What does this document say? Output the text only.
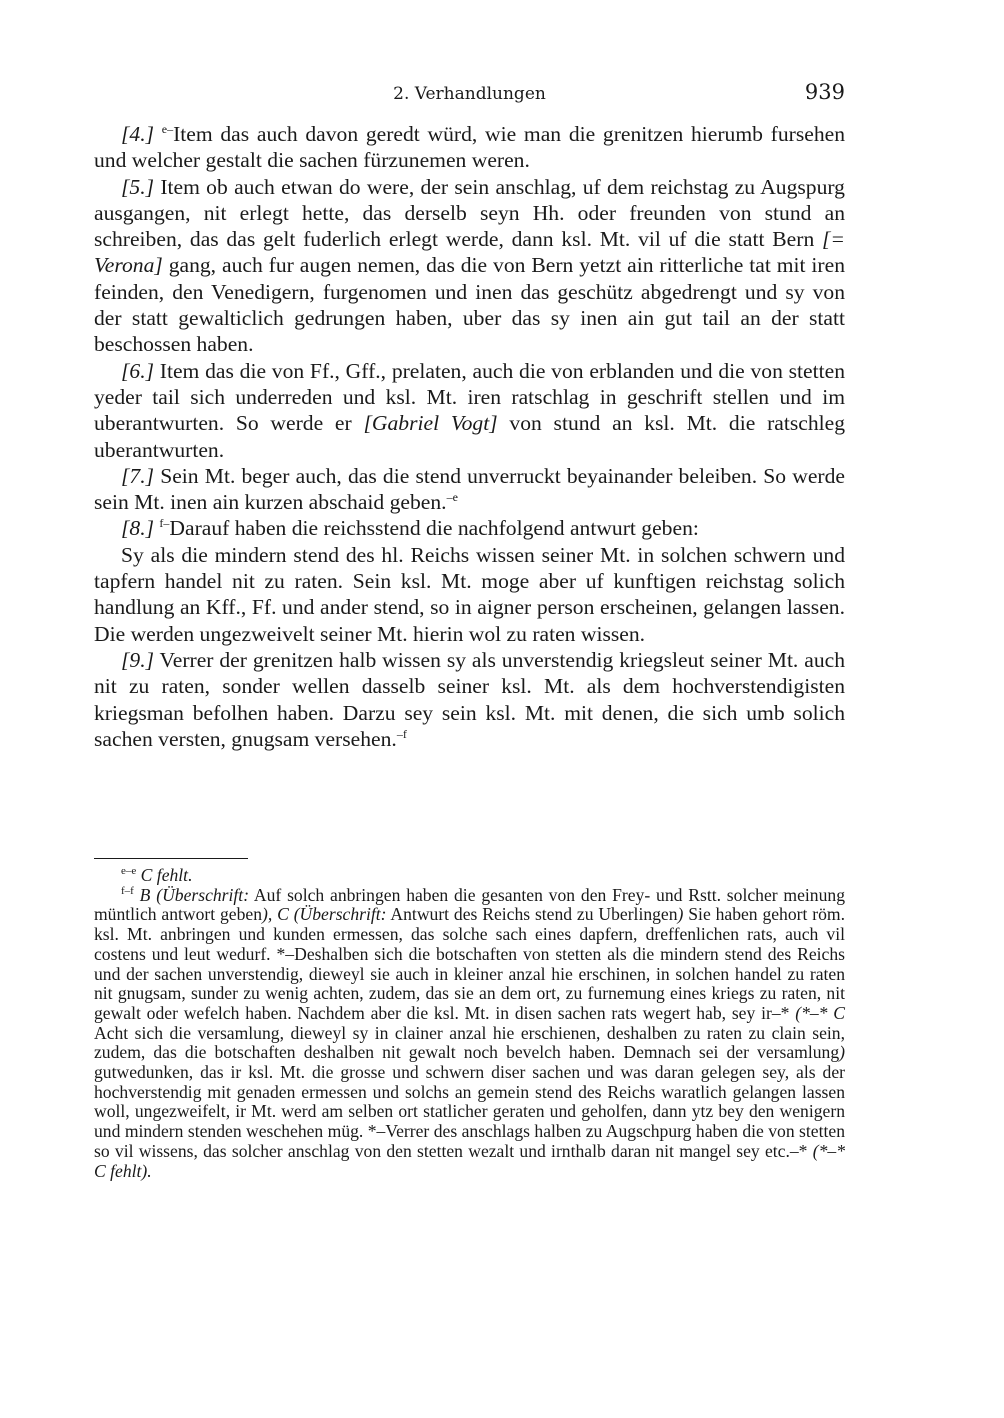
2. Verhandlungen	939

[4.] $^{e-}$Item das auch davon geredt würd, wie man die grenitzen hierumb fursehen und welcher gestalt die sachen fürzunemen weren.

[5.] Item ob auch etwan do were, der sein anschlag, uf dem reichstag zu Augspurg ausgangen, nit erlegt hette, das derselb seyn Hh. oder freunden von stund an schreiben, das das gelt fuderlich erlegt werde, dann ksl. Mt. vil uf die statt Bern [= Verona] gang, auch fur augen nemen, das die von Bern yetzt ain ritterliche tat mit iren feinden, den Venedigern, furgenomen und inen das geschütz abgedrengt und sy von der statt gewalticlich gedrungen haben, uber das sy inen ain gut tail an der statt beschossen haben.

[6.] Item das die von Ff., Gff., prelaten, auch die von erblanden und die von stetten yeder tail sich underreden und ksl. Mt. iren ratschlag in geschrift stellen und im uberantwurten. So werde er [Gabriel Vogt] von stund an ksl. Mt. die ratschleg uberantwurten.

[7.] Sein Mt. beger auch, das die stend unverruckt beyainander beleiben. So werde sein Mt. inen ain kurzen abschaid geben.$^{-e}$

[8.] $^{f-}$Darauf haben die reichsstend die nachfolgend antwurt geben:

Sy als die mindern stend des hl. Reichs wissen seiner Mt. in solchen schwern und tapfern handel nit zu raten. Sein ksl. Mt. moge aber uf kunftigen reichstag solich handlung an Kff., Ff. und ander stend, so in aigner person erscheinen, gelangen lassen. Die werden ungezweivelt seiner Mt. hierin wol zu raten wissen.

[9.] Verrer der grenitzen halb wissen sy als unverstendig kriegsleut seiner Mt. auch nit zu raten, sonder wellen dasselb seiner ksl. Mt. als dem hochverstendigisten kriegsman befolhen haben. Darzu sey sein ksl. Mt. mit denen, die sich umb solich sachen versten, gnugsam versehen.$^{-f}$

$^{e-e}$ C fehlt.

$^{f-f}$ B (Überschrift: Auf solch anbringen haben die gesanten von den Frey- und Rstt. solcher meinung müntlich antwort geben), C (Überschrift: Antwurt des Reichs stend zu Uberlingen) Sie haben gehort röm. ksl. Mt. anbringen und kunden ermessen, das solche sach eines dapfern, dreffenlichen rats, auch vil costens und leut wedurf. *–Deshalben sich die botschaften von stetten als die mindern stend des Reichs und der sachen unverstendig, dieweyl sie auch in kleiner anzal hie erschinen, in solchen handel zu raten nit gnugsam, sunder zu wenig achten, zudem, das sie an dem ort, zu furnemung eines kriegs zu raten, nit gewalt oder wefelch haben. Nachdem aber die ksl. Mt. in disen sachen rats wegert hab, sey ir–* (*–* C Acht sich die versamlung, dieweyl sy in clainer anzal hie erschienen, deshalben zu raten zu clain sein, zudem, das die botschaften deshalben nit gewalt noch bevelch haben. Demnach sei der versamlung) gutwedunken, das ir ksl. Mt. die grosse und schwern diser sachen und was daran gelegen sey, als der hochverstendig mit genaden ermessen und solchs an gemein stend des Reichs waratlich gelangen lassen woll, ungezweifelt, ir Mt. werd am selben ort statlicher geraten und geholfen, dann ytz bey den wenigern und mindern stenden weschehen müg. *–Verrer des anschlags halben zu Augschpurg haben die von stetten so vil wissens, das solcher anschlag von den stetten wezalt und irnthalb daran nit mangel sey etc.–* (*–* C fehlt).
